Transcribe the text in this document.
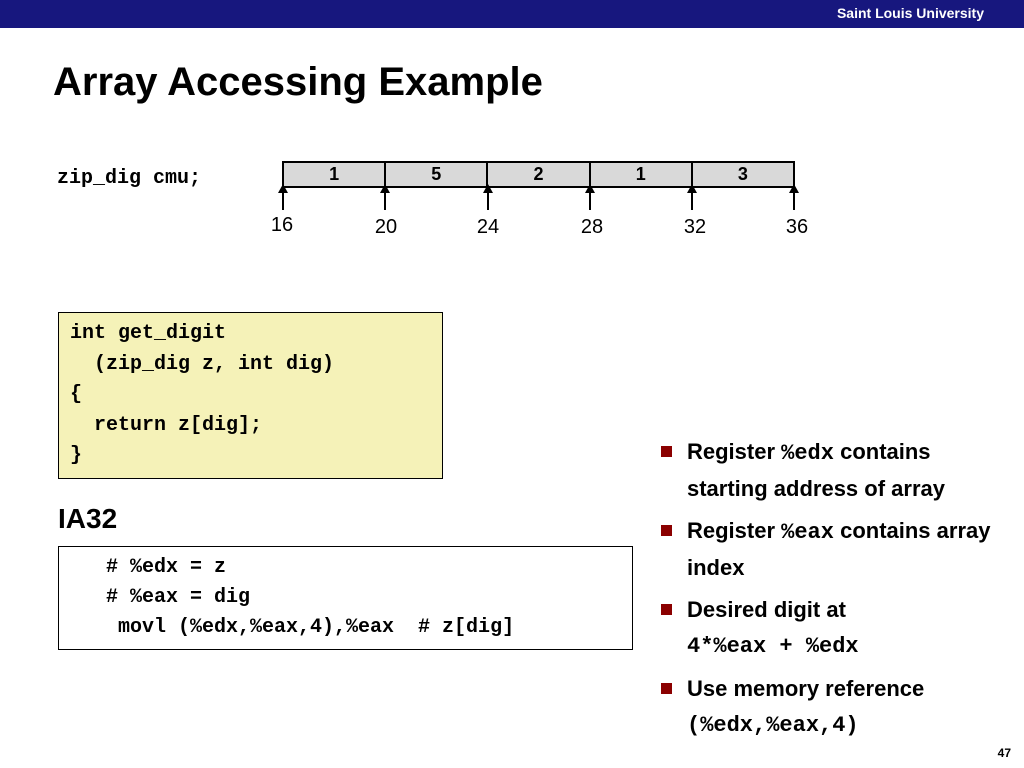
Saint Louis University
Array Accessing Example
zip_dig cmu;	1	5	2	1	3
16	20	24	28	32	36
int get_digit
(zip_dig z, int dig)
{
return z[dig];
}
IA32
# %edx = z
# %eax = dig
movl (%edx,%eax,4),%eax  # z[dig]
Register %edx contains starting address of array
Register %eax contains array index
Desired digit at
4*%eax + %edx
Use memory reference
(%edx,%eax,4)
47
